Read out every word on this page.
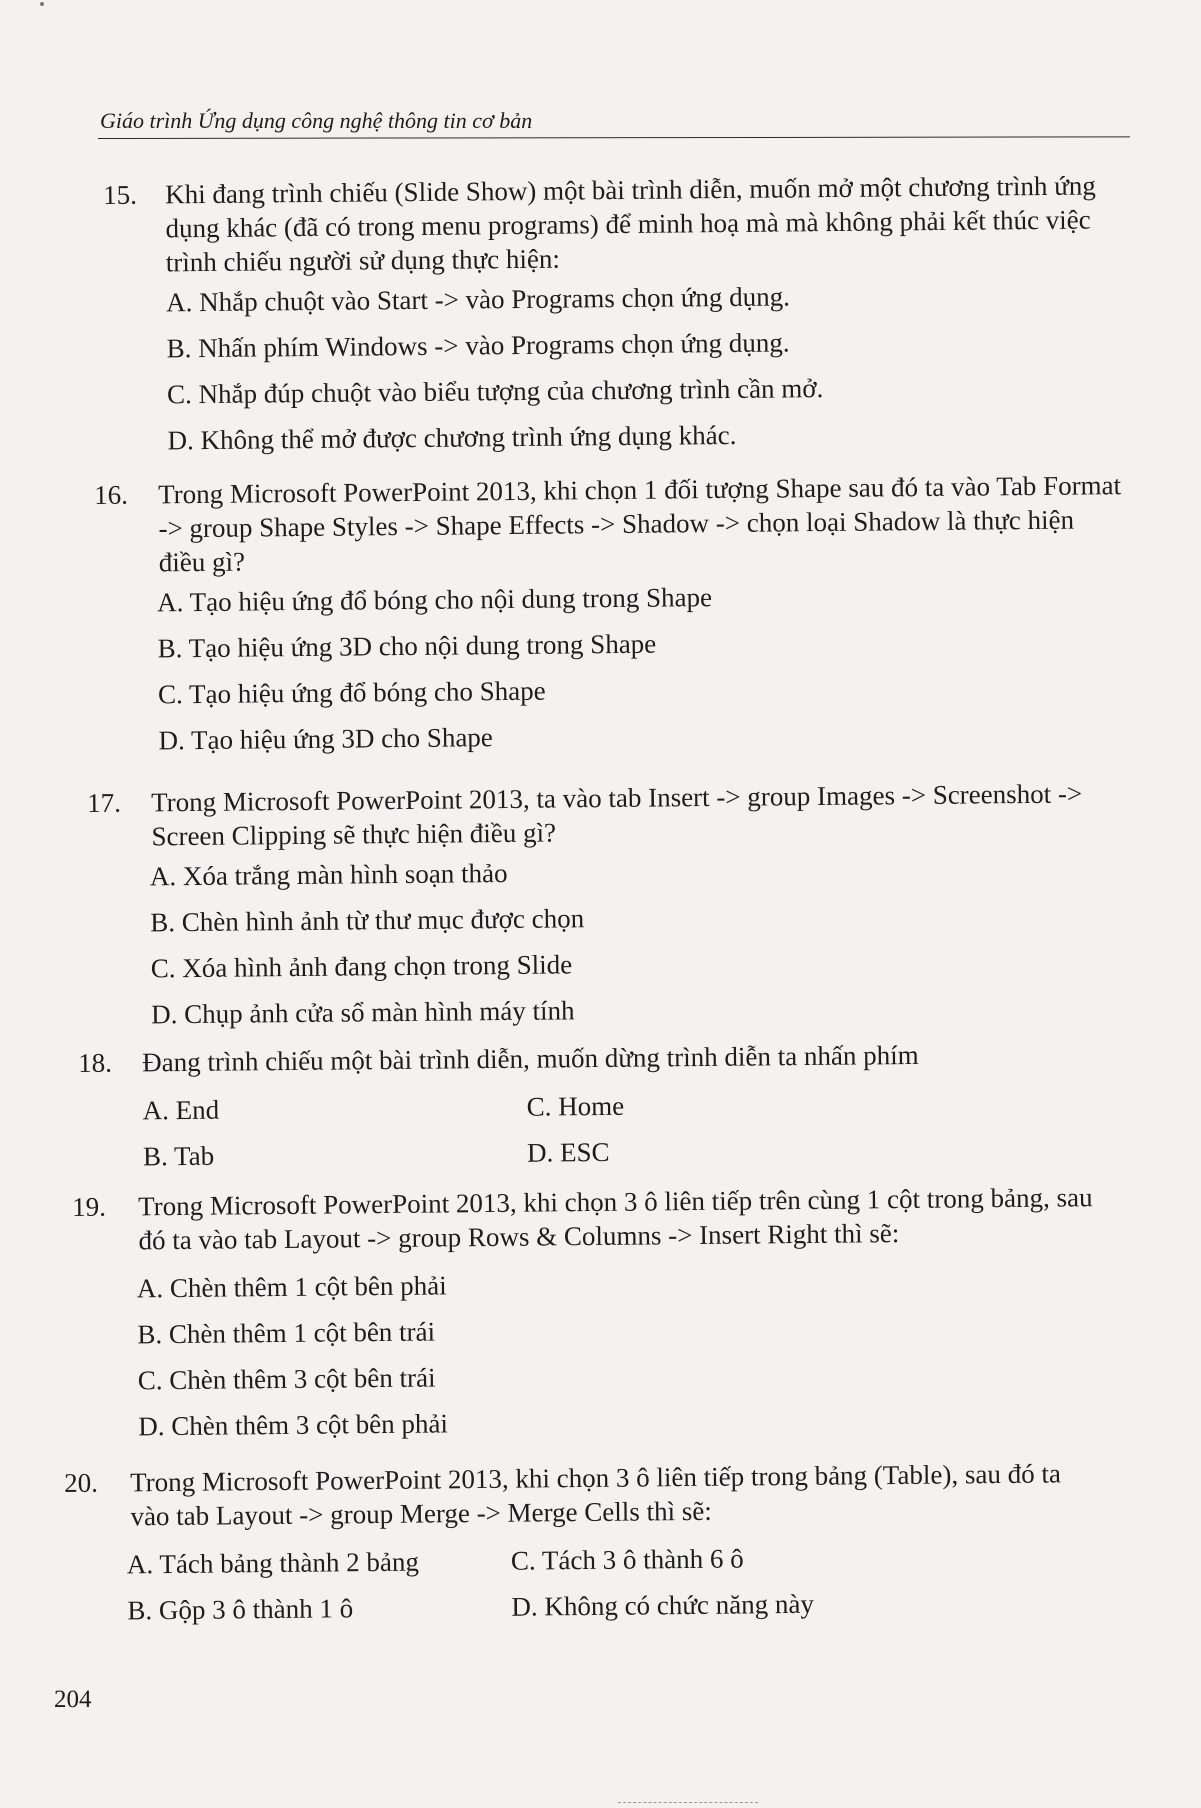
Giáo trình Ứng dụng công nghệ thông tin cơ bản
15. Khi đang trình chiếu (Slide Show) một bài trình diễn, muốn mở một chương trình ứng dụng khác (đã có trong menu programs) để minh hoạ mà mà không phải kết thúc việc trình chiếu người sử dụng thực hiện:
A. Nhắp chuột vào Start -> vào Programs chọn ứng dụng.
B. Nhấn phím Windows -> vào Programs chọn ứng dụng.
C. Nhắp đúp chuột vào biểu tượng của chương trình cần mở.
D. Không thể mở được chương trình ứng dụng khác.
16. Trong Microsoft PowerPoint 2013, khi chọn 1 đối tượng Shape sau đó ta vào Tab Format -> group Shape Styles -> Shape Effects -> Shadow -> chọn loại Shadow là thực hiện điều gì?
A. Tạo hiệu ứng đổ bóng cho nội dung trong Shape
B. Tạo hiệu ứng 3D cho nội dung trong Shape
C. Tạo hiệu ứng đổ bóng cho Shape
D. Tạo hiệu ứng 3D cho Shape
17. Trong Microsoft PowerPoint 2013, ta vào tab Insert -> group Images -> Screenshot -> Screen Clipping sẽ thực hiện điều gì?
A. Xóa trắng màn hình soạn thảo
B. Chèn hình ảnh từ thư mục được chọn
C. Xóa hình ảnh đang chọn trong Slide
D. Chụp ảnh cửa sổ màn hình máy tính
18. Đang trình chiếu một bài trình diễn, muốn dừng trình diễn ta nhấn phím
A. End	C. Home
B. Tab	D. ESC
19. Trong Microsoft PowerPoint 2013, khi chọn 3 ô liên tiếp trên cùng 1 cột trong bảng, sau đó ta vào tab Layout -> group Rows & Columns -> Insert Right thì sẽ:
A. Chèn thêm 1 cột bên phải
B. Chèn thêm 1 cột bên trái
C. Chèn thêm 3 cột bên trái
D. Chèn thêm 3 cột bên phải
20. Trong Microsoft PowerPoint 2013, khi chọn 3 ô liên tiếp trong bảng (Table), sau đó ta vào tab Layout -> group Merge -> Merge Cells thì sẽ:
A. Tách bảng thành 2 bảng	C. Tách 3 ô thành 6 ô
B. Gộp 3 ô thành 1 ô	D. Không có chức năng này
204
